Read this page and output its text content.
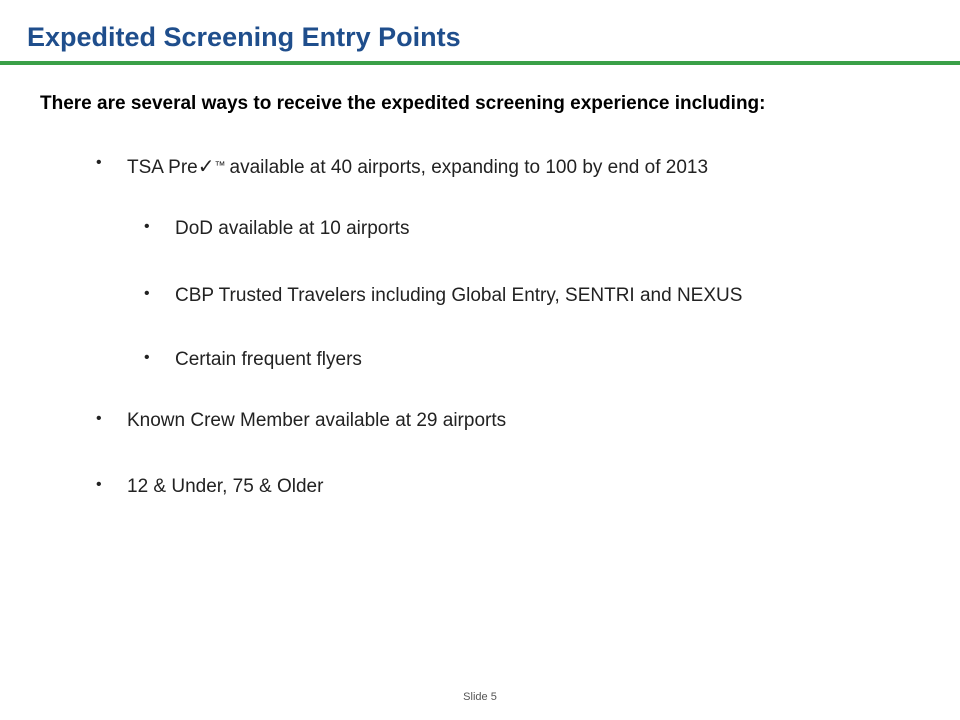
Expedited Screening Entry Points
There are several ways to receive the expedited screening experience including:
• TSA Pre✓™ available at 40 airports, expanding to 100 by end of 2013
• DoD available at 10 airports
• CBP Trusted Travelers including Global Entry, SENTRI and NEXUS
• Certain frequent flyers
• Known Crew Member available at 29 airports
• 12 & Under, 75 & Older
Slide 5
